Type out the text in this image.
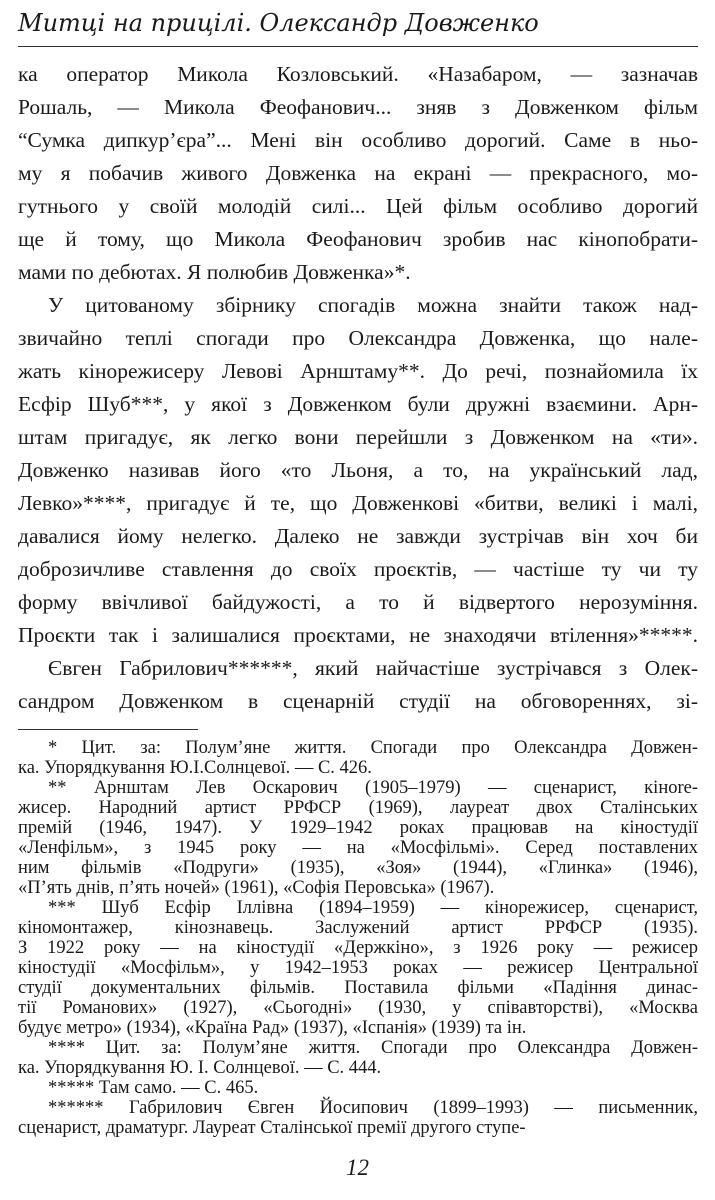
Митці на прицілі. Олександр Довженко
ка оператор Микола Козловський. «Назабаром, — зазначав
Рошаль, — Микола Феофанович... зняв з Довженком фільм
“Сумка дипкур’єра”... Мені він особливо дорогий. Саме в ньо-
му я побачив живого Довженка на екрані — прекрасного, мо-
гутнього у своїй молодій силі... Цей фільм особливо дорогий
ще й тому, що Микола Феофанович зробив нас кінопобрати-
мами по дебютах. Я полюбив Довженка»*.
У цитованому збірнику спогадів можна знайти також над-
звичайно теплі спогади про Олександра Довженка, що нале-
жать кінорежисеру Левові Арнштаму**. До речі, познайомила їх
Есфір Шуб***, у якої з Довженком були дружні взаємини. Арн-
штам пригадує, як легко вони перейшли з Довженком на «ти».
Довженко називав його «то Льоня, а то, на український лад,
Левко»****, пригадує й те, що Довженкові «битви, великі і малі,
давалися йому нелегко. Далеко не завжди зустрічав він хоч би
доброзичливе ставлення до своїх проєктів, — частіше ту чи ту
форму ввічливої байдужості, а то й відвертого нерозуміння.
Проєкти так і залишалися проєктами, не знаходячи втілення»*****.
Євген Габрилович******, який найчастіше зустрічався з Олек-
сандром Довженком в сценарній студії на обговореннях, зі-
* Цит. за: Полум’яне життя. Спогади про Олександра Довжен-
ка. Упорядкування Ю.І.Солнцевої. — С. 426.
** Арнштам Лев Оскарович (1905–1979) — сценарист, кінore-
жисер. Народний артист РРФСР (1969), лауреат двох Сталінських
премій (1946, 1947). У 1929–1942 роках працював на кіностудії
«Ленфільм», з 1945 року — на «Мосфільмі». Серед поставлених
ним фільмів «Подруги» (1935), «Зоя» (1944), «Глинка» (1946),
«П’ять днів, п’ять ночей» (1961), «Софія Перовська» (1967).
*** Шуб Есфір Іллівна (1894–1959) — кінорежисер, сценарист,
кіномонтажер, кінознавець. Заслужений артист РРФСР (1935).
З 1922 року — на кіностудії «Держкіно», з 1926 року — режисер
кіностудії «Мосфільм», у 1942–1953 роках — режисер Центральної
студії документальних фільмів. Поставила фільми «Падіння динас-
тії Романових» (1927), «Сьогодні» (1930, у співавторстві), «Москва
12
будує метро» (1934), «Країна Рад» (1937), «Іспанія» (1939) та ін.
**** Цит. за: Полум’яне життя. Спогади про Олександра Довжен-
ка. Упорядкування Ю. І. Солнцевої. — С. 444.
***** Там само. — С. 465.
****** Габрилович Євген Йосипович (1899–1993) — письменник,
сценарист, драматург. Лауреат Сталінської премії другого ступе-
